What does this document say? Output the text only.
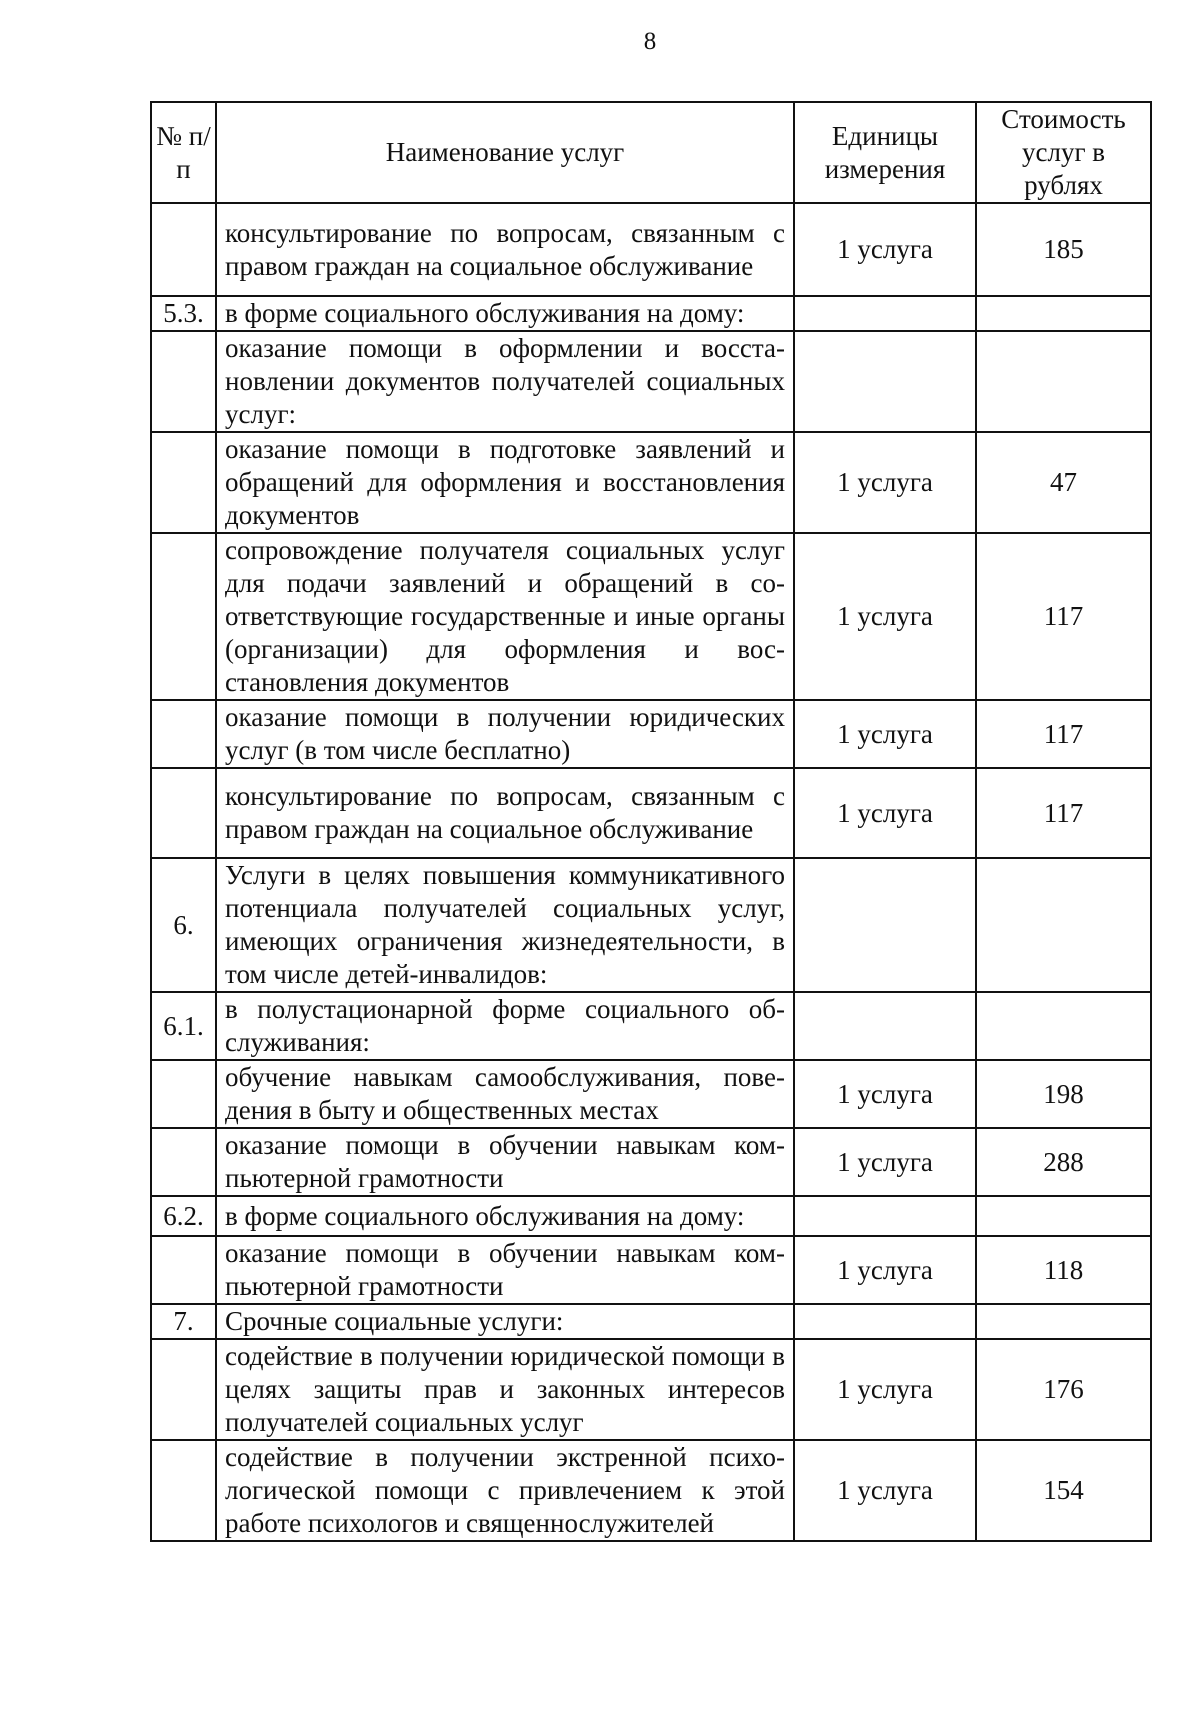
8
№ п/п	Наименование услуг	Единицы измерения	Стоимость услуг в рублях
	консультирование по вопросам, связанным с правом граждан на социальное обслуживание	1 услуга	185
5.3.	в форме социального обслуживания на дому:		
	оказание помощи в оформлении и восстановлении документов получателей социальных услуг:		
	оказание помощи в подготовке заявлений и обращений для оформления и восстановления документов	1 услуга	47
	сопровождение получателя социальных услуг для подачи заявлений и обращений в соответствующие государственные и иные органы (организации) для оформления и восстановления документов	1 услуга	117
	оказание помощи в получении юридических услуг (в том числе бесплатно)	1 услуга	117
	консультирование по вопросам, связанным с правом граждан на социальное обслуживание	1 услуга	117
6.	Услуги в целях повышения коммуникативного потенциала получателей социальных услуг, имеющих ограничения жизнедеятельности, в том числе детей-инвалидов:		
6.1.	в полустационарной форме социального обслуживания:		
	обучение навыкам самообслуживания, поведения в быту и общественных местах	1 услуга	198
	оказание помощи в обучении навыкам компьютерной грамотности	1 услуга	288
6.2.	в форме социального обслуживания на дому:		
	оказание помощи в обучении навыкам компьютерной грамотности	1 услуга	118
7.	Срочные социальные услуги:		
	содействие в получении юридической помощи в целях защиты прав и законных интересов получателей социальных услуг	1 услуга	176
	содействие в получении экстренной психологической помощи с привлечением к этой работе психологов и священнослужителей	1 услуга	154
